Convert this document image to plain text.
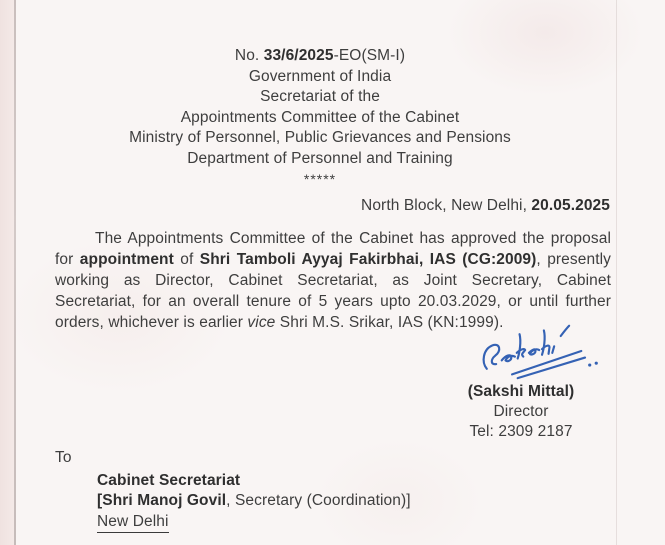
No. 33/6/2025-EO(SM-I)
Government of India
Secretariat of the
Appointments Committee of the Cabinet
Ministry of Personnel, Public Grievances and Pensions
Department of Personnel and Training
*****
North Block, New Delhi, 20.05.2025

The Appointments Committee of the Cabinet has approved the proposal for appointment of Shri Tamboli Ayyaj Fakirbhai, IAS (CG:2009), presently working as Director, Cabinet Secretariat, as Joint Secretary, Cabinet Secretariat, for an overall tenure of 5 years upto 20.03.2029, or until further orders, whichever is earlier vice Shri M.S. Srikar, IAS (KN:1999).

(Sakshi Mittal)
Director
Tel: 2309 2187
To
Cabinet Secretariat
[Shri Manoj Govil, Secretary (Coordination)]
New Delhi
